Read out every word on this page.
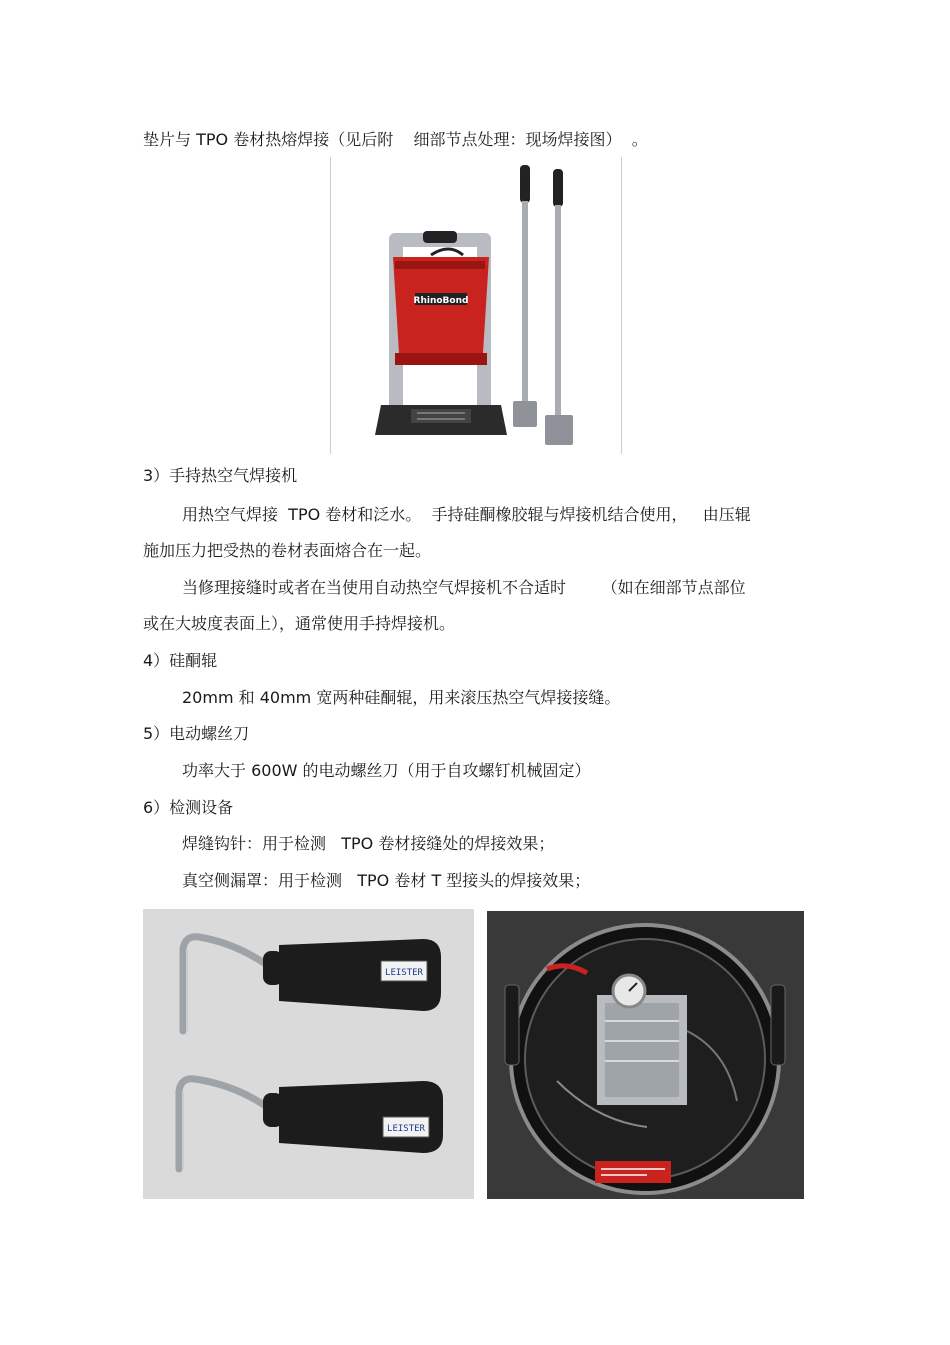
垫片与 TPO 卷材热熔焊接（见后附    细部节点处理：现场焊接图）  。
RhinoBond
3）手持热空气焊接机
用热空气焊接  TPO 卷材和泛水。  手持硅酮橡胶辊与焊接机结合使用，   由压辊
施加压力把受热的卷材表面熔合在一起。
当修理接缝时或者在当使用自动热空气焊接机不合适时       （如在细部节点部位
或在大坡度表面上），通常使用手持焊接机。
4）硅酮辊
20mm 和 40mm 宽两种硅酮辊，用来滚压热空气焊接接缝。
5）电动螺丝刀
功率大于 600W 的电动螺丝刀（用于自攻螺钉机械固定）
6）检测设备
焊缝钩针：用于检测   TPO 卷材接缝处的焊接效果；
真空侧漏罩：用于检测   TPO 卷材 T 型接头的焊接效果；
LEISTER
LEISTER
